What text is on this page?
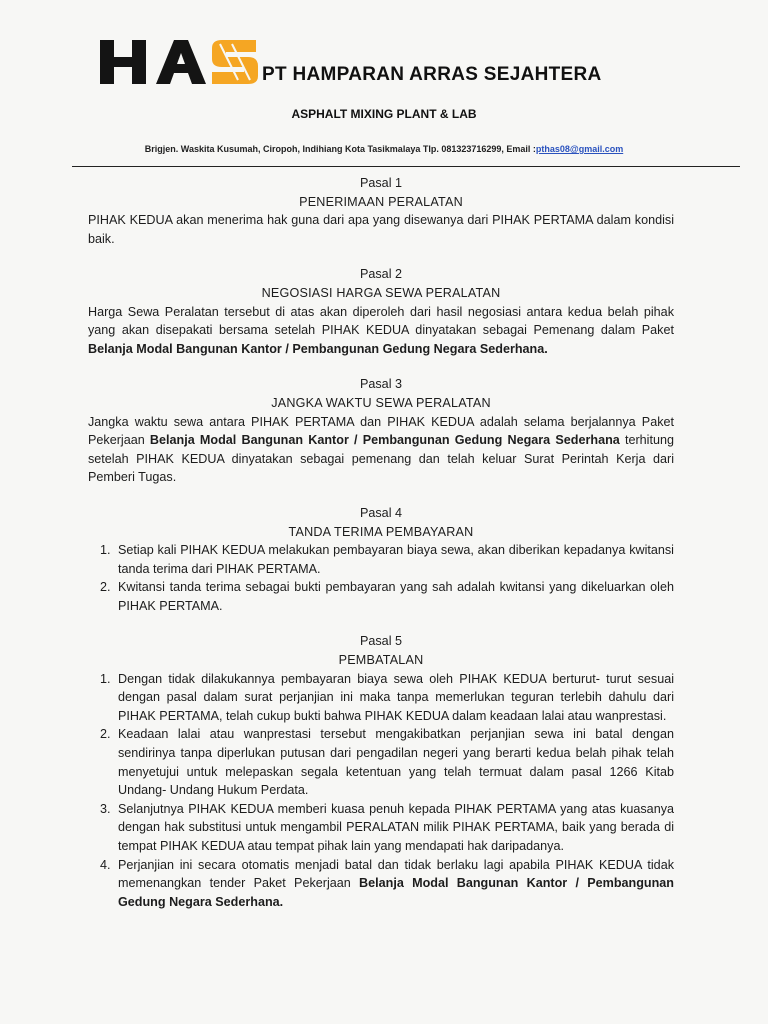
PT HAMPARAN ARRAS SEJAHTERA
ASPHALT MIXING PLANT & LAB
Brigjen. Waskita Kusumah, Ciropoh, Indihiang Kota Tasikmalaya Tlp. 081323716299, Email :pthas08@gmail.com
Pasal 1
PENERIMAAN PERALATAN

PIHAK KEDUA akan menerima hak guna dari apa yang disewanya dari PIHAK PERTAMA dalam kondisi baik.

Pasal 2
NEGOSIASI HARGA SEWA PERALATAN

Harga Sewa Peralatan tersebut di atas akan diperoleh dari hasil negosiasi antara kedua belah pihak yang akan disepakati bersama setelah PIHAK KEDUA dinyatakan sebagai Pemenang dalam Paket Belanja Modal Bangunan Kantor / Pembangunan Gedung Negara Sederhana.

Pasal 3
JANGKA WAKTU SEWA PERALATAN

Jangka waktu sewa antara PIHAK PERTAMA dan PIHAK KEDUA adalah selama berjalannya Paket Pekerjaan Belanja Modal Bangunan Kantor / Pembangunan Gedung Negara Sederhana terhitung setelah PIHAK KEDUA dinyatakan sebagai pemenang dan telah keluar Surat Perintah Kerja dari Pemberi Tugas.

Pasal 4
TANDA TERIMA PEMBAYARAN
1. Setiap kali PIHAK KEDUA melakukan pembayaran biaya sewa, akan diberikan kepadanya kwitansi tanda terima dari PIHAK PERTAMA.
2. Kwitansi tanda terima sebagai bukti pembayaran yang sah adalah kwitansi yang dikeluarkan oleh PIHAK PERTAMA.
Pasal 5
PEMBATALAN
1. Dengan tidak dilakukannya pembayaran biaya sewa oleh PIHAK KEDUA berturut- turut sesuai dengan pasal dalam surat perjanjian ini maka tanpa memerlukan teguran terlebih dahulu dari PIHAK PERTAMA, telah cukup bukti bahwa PIHAK KEDUA dalam keadaan lalai atau wanprestasi.
2. Keadaan lalai atau wanprestasi tersebut mengakibatkan perjanjian sewa ini batal dengan sendirinya tanpa diperlukan putusan dari pengadilan negeri yang berarti kedua belah pihak telah menyetujui untuk melepaskan segala ketentuan yang telah termuat dalam pasal 1266 Kitab Undang- Undang Hukum Perdata.
3. Selanjutnya PIHAK KEDUA memberi kuasa penuh kepada PIHAK PERTAMA yang atas kuasanya dengan hak substitusi untuk mengambil PERALATAN milik PIHAK PERTAMA, baik yang berada di tempat PIHAK KEDUA atau tempat pihak lain yang mendapati hak daripadanya.
4. Perjanjian ini secara otomatis menjadi batal dan tidak berlaku lagi apabila PIHAK KEDUA tidak memenangkan tender Paket Pekerjaan Belanja Modal Bangunan Kantor / Pembangunan Gedung Negara Sederhana.
